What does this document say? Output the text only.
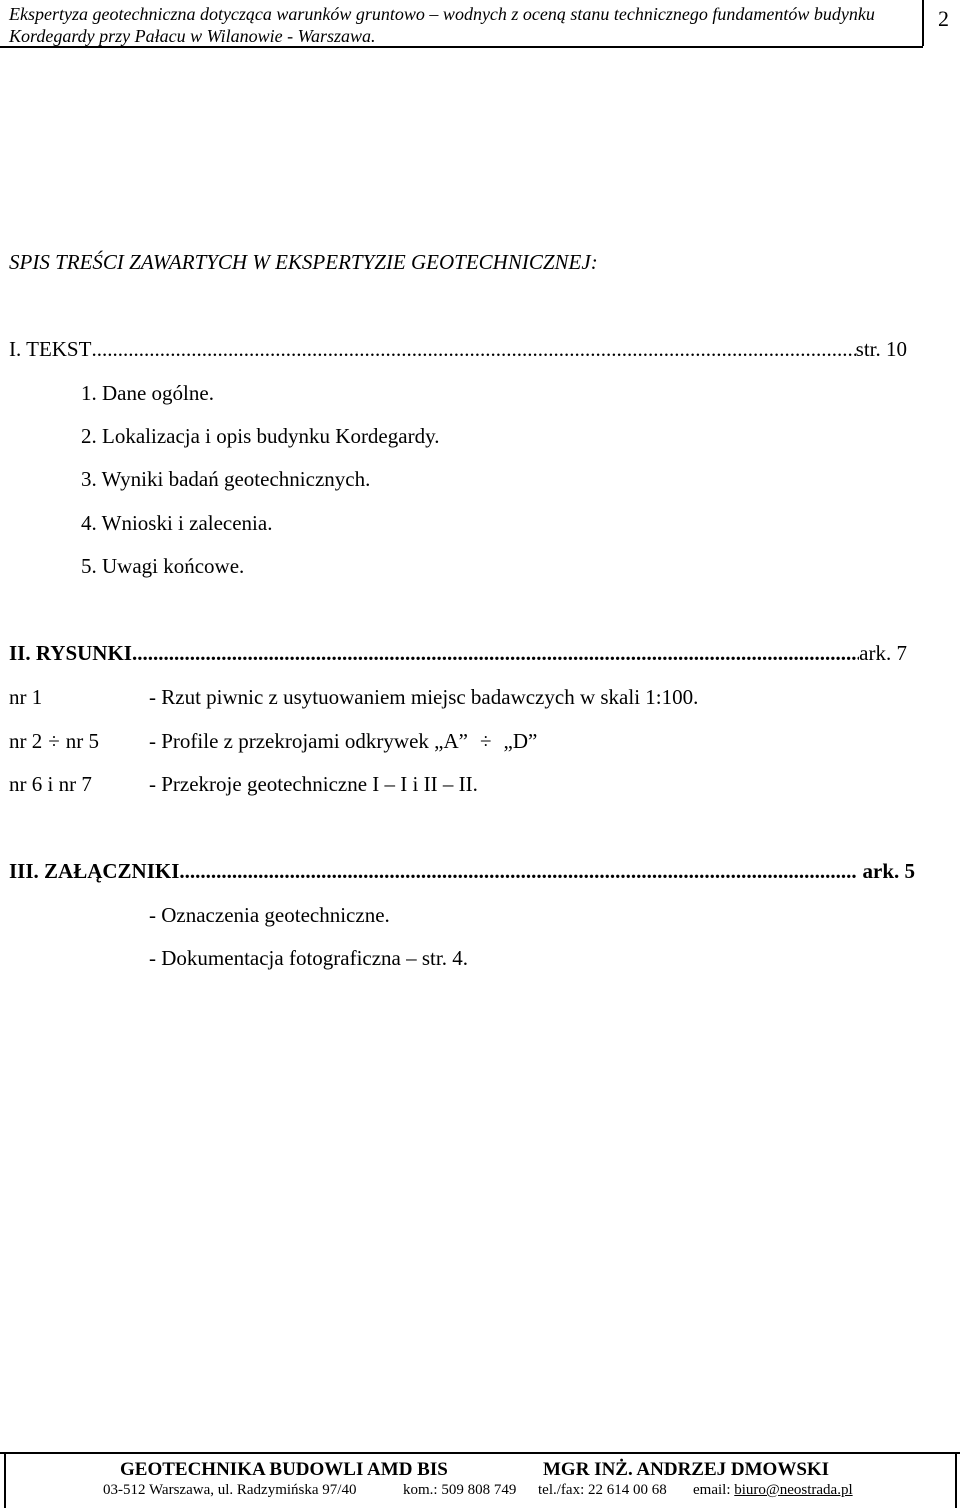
Ekspertyza geotechniczna dotycząca warunków gruntowo – wodnych z oceną stanu technicznego fundamentów budynku
Kordegardy przy Pałacu w Wilanowie - Warszawa.
2
SPIS TREŚCI ZAWARTYCH W EKSPERTYZIE GEOTECHNICZNEJ:
I. TEKST .....	str. 10
1. Dane ogólne.
2. Lokalizacja i opis budynku Kordegardy.
3. Wyniki badań geotechnicznych.
4. Wnioski i zalecenia.
5. Uwagi końcowe.
II. RYSUNKI .....	ark. 7
nr 1	- Rzut piwnic z usytuowaniem miejsc badawczych w skali 1:100.
nr 2 ÷ nr 5 - Profile z przekrojami odkrywek „A” ÷ „D”
nr 6 i nr 7	- Przekroje geotechniczne I – I i II – II.
III. ZAŁĄCZNIKI .....	ark. 5
- Oznaczenia geotechniczne.
- Dokumentacja fotograficzna – str. 4.
GEOTECHNIKA BUDOWLI AMD BIS	MGR INŻ. ANDRZEJ DMOWSKI
03-512 Warszawa, ul. Radzymińska 97/40	kom.: 509 808 749 tel./fax: 22 614 00 68 email: biuro@neostrada.pl
